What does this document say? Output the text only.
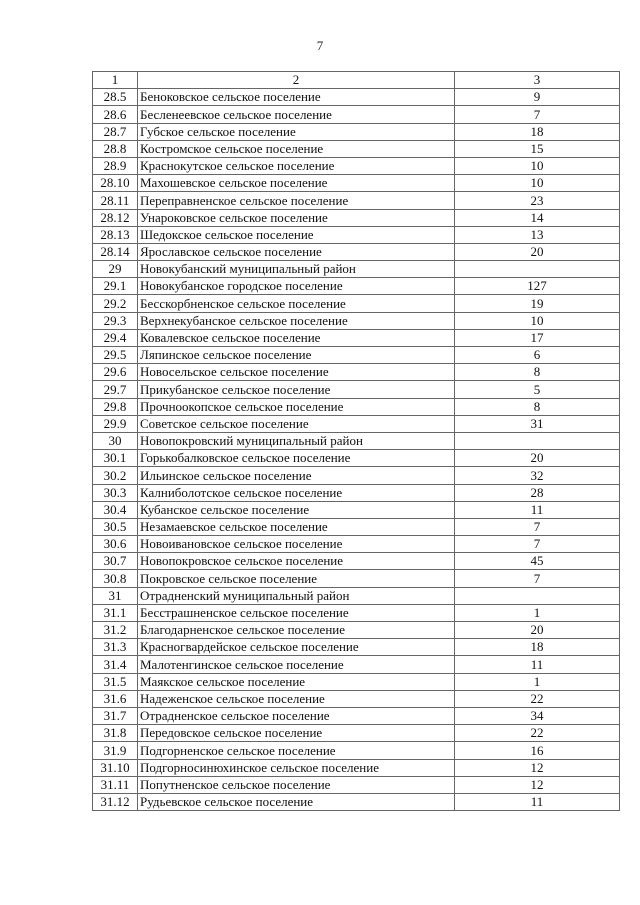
7
1	2	3
28.5	Беноковское сельское поселение	9
28.6	Бесленеевское сельское поселение	7
28.7	Губское сельское поселение	18
28.8	Костромское сельское поселение	15
28.9	Краснокутское сельское поселение	10
28.10	Махошевское сельское поселение	10
28.11	Переправненское сельское поселение	23
28.12	Унароковское сельское поселение	14
28.13	Шедокское сельское поселение	13
28.14	Ярославское сельское поселение	20
29	Новокубанский муниципальный район	
29.1	Новокубанское городское поселение	127
29.2	Бесскорбненское сельское поселение	19
29.3	Верхнекубанское сельское поселение	10
29.4	Ковалевское сельское поселение	17
29.5	Ляпинское сельское поселение	6
29.6	Новосельское сельское поселение	8
29.7	Прикубанское сельское поселение	5
29.8	Прочноокопское сельское поселение	8
29.9	Советское сельское поселение	31
30	Новопокровский муниципальный район	
30.1	Горькобалковское сельское поселение	20
30.2	Ильинское сельское поселение	32
30.3	Калниболотское сельское поселение	28
30.4	Кубанское сельское поселение	11
30.5	Незамаевское сельское поселение	7
30.6	Новоивановское сельское поселение	7
30.7	Новопокровское сельское поселение	45
30.8	Покровское сельское поселение	7
31	Отрадненский муниципальный район	
31.1	Бесстрашненское сельское поселение	1
31.2	Благодарненское сельское поселение	20
31.3	Красногвардейское сельское поселение	18
31.4	Малотенгинское сельское поселение	11
31.5	Маякское сельское поселение	1
31.6	Надеженское сельское поселение	22
31.7	Отрадненское сельское поселение	34
31.8	Передовское сельское поселение	22
31.9	Подгорненское сельское поселение	16
31.10	Подгорносинюхинское сельское поселение	12
31.11	Попутненское сельское поселение	12
31.12	Рудьевское сельское поселение	11
